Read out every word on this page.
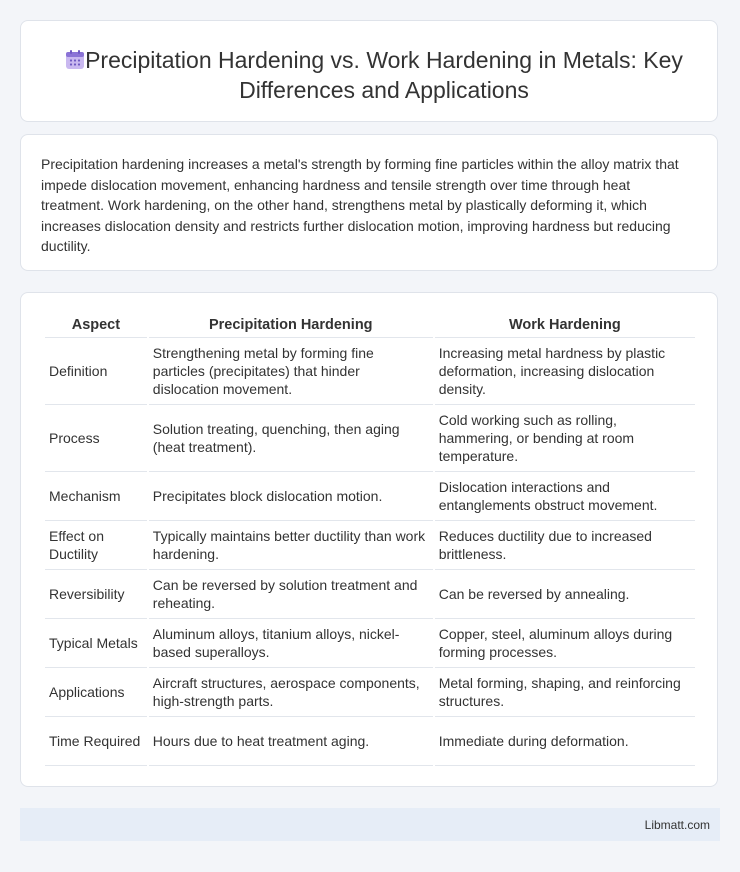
Precipitation Hardening vs. Work Hardening in Metals: Key Differences and Applications

Precipitation hardening increases a metal's strength by forming fine particles within the alloy matrix that impede dislocation movement, enhancing hardness and tensile strength over time through heat treatment. Work hardening, on the other hand, strengthens metal by plastically deforming it, which increases dislocation density and restricts further dislocation motion, improving hardness but reducing ductility.

Aspect	Precipitation Hardening	Work Hardening
Definition	Strengthening metal by forming fine particles (precipitates) that hinder dislocation movement.	Increasing metal hardness by plastic deformation, increasing dislocation density.
Process	Solution treating, quenching, then aging (heat treatment).	Cold working such as rolling, hammering, or bending at room temperature.
Mechanism	Precipitates block dislocation motion.	Dislocation interactions and entanglements obstruct movement.
Effect on Ductility	Typically maintains better ductility than work hardening.	Reduces ductility due to increased brittleness.
Reversibility	Can be reversed by solution treatment and reheating.	Can be reversed by annealing.
Typical Metals	Aluminum alloys, titanium alloys, nickel-based superalloys.	Copper, steel, aluminum alloys during forming processes.
Applications	Aircraft structures, aerospace components, high-strength parts.	Metal forming, shaping, and reinforcing structures.
Time Required	Hours due to heat treatment aging.	Immediate during deformation.
Libmatt.com
